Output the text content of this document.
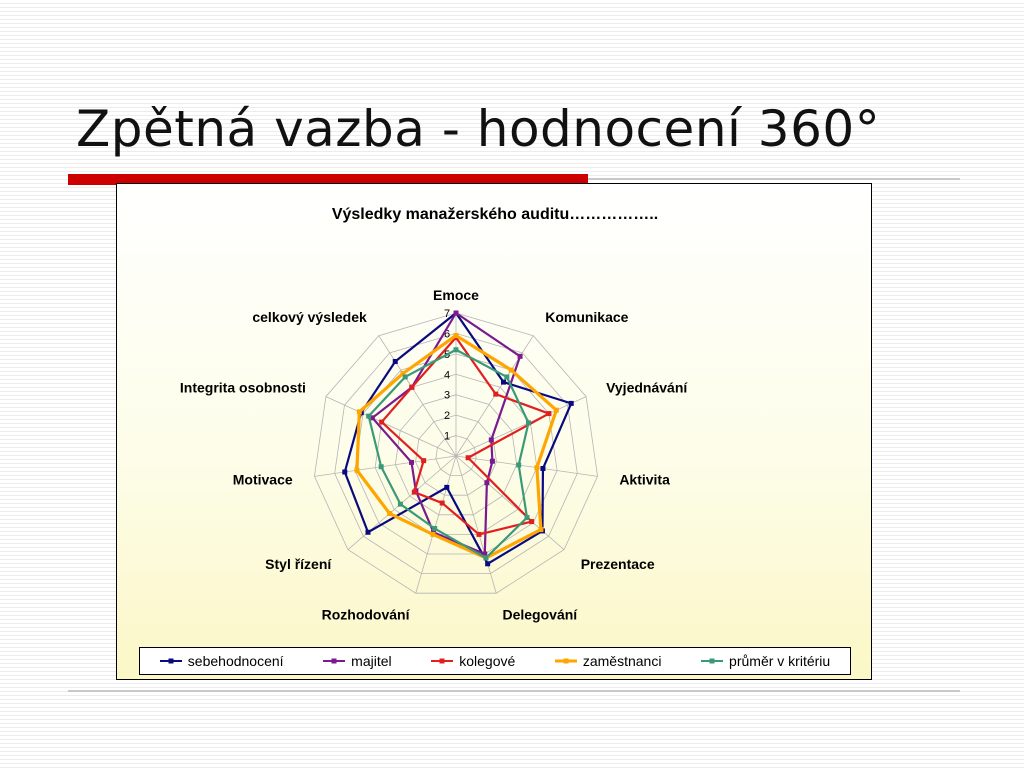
Zpětná vazba - hodnocení 360°
1
2
3
4
5
6
7
Emoce
Komunikace
Vyjednávání
Aktivita
Prezentace
Delegování
Rozhodování
Styl řízení
Motivace
Integrita osobnosti
celkový výsledek
Výsledky manažerského auditu……………..
sebehodnocení	majitel	kolegové	zaměstnanci	průměr v kritériu
